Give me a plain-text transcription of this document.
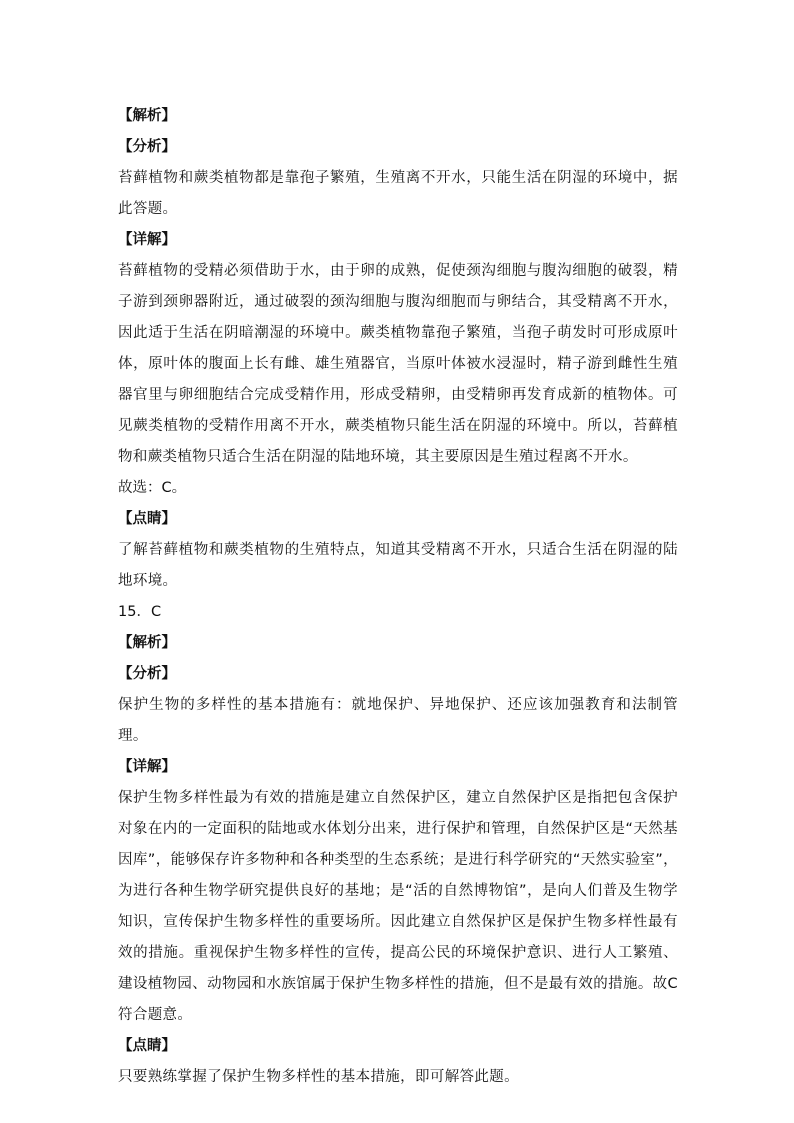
【解析】
【分析】
苔藓植物和蕨类植物都是靠孢子繁殖，生殖离不开水，只能生活在阴湿的环境中，据此答题。
【详解】
苔藓植物的受精必须借助于水，由于卵的成熟，促使颈沟细胞与腹沟细胞的破裂，精子游到颈卵器附近，通过破裂的颈沟细胞与腹沟细胞而与卵结合，其受精离不开水，因此适于生活在阴暗潮湿的环境中。蕨类植物靠孢子繁殖，当孢子萌发时可形成原叶体，原叶体的腹面上长有雌、雄生殖器官，当原叶体被水浸湿时，精子游到雌性生殖器官里与卵细胞结合完成受精作用，形成受精卵，由受精卵再发育成新的植物体。可见蕨类植物的受精作用离不开水，蕨类植物只能生活在阴湿的环境中。所以，苔藓植物和蕨类植物只适合生活在阴湿的陆地环境，其主要原因是生殖过程离不开水。
故选：C。
【点睛】
了解苔藓植物和蕨类植物的生殖特点，知道其受精离不开水，只适合生活在阴湿的陆地环境。
15．C
【解析】
【分析】
保护生物的多样性的基本措施有：就地保护、异地保护、还应该加强教育和法制管理。
【详解】
保护生物多样性最为有效的措施是建立自然保护区，建立自然保护区是指把包含保护对象在内的一定面积的陆地或水体划分出来，进行保护和管理，自然保护区是“天然基因库”，能够保存许多物种和各种类型的生态系统；是进行科学研究的“天然实验室”，为进行各种生物学研究提供良好的基地；是“活的自然博物馆”，是向人们普及生物学知识，宣传保护生物多样性的重要场所。因此建立自然保护区是保护生物多样性最有效的措施。重视保护生物多样性的宣传，提高公民的环境保护意识、进行人工繁殖、建设植物园、动物园和水族馆属于保护生物多样性的措施，但不是最有效的措施。故C符合题意。
【点睛】
只要熟练掌握了保护生物多样性的基本措施，即可解答此题。
